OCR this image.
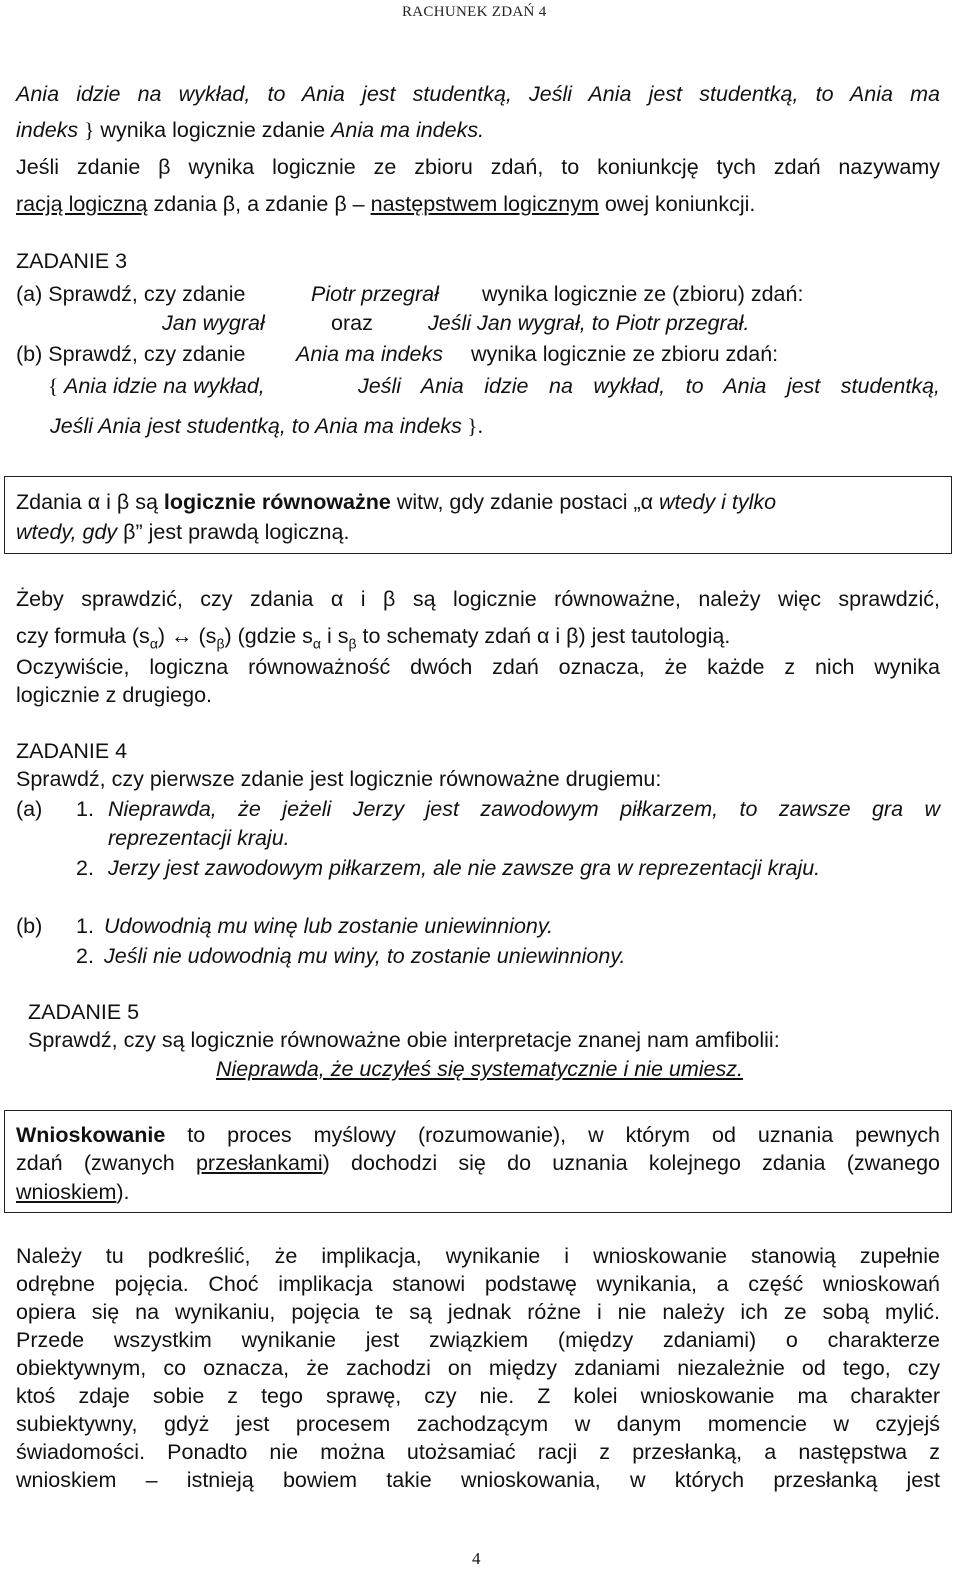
RACHUNEK ZDAŃ 4
Ania idzie na wykład, to Ania jest studentką, Jeśli Ania jest studentką, to Ania ma
indeks } wynika logicznie zdanie Ania ma indeks.
Jeśli zdanie β wynika logicznie ze zbioru zdań, to koniunkcję tych zdań nazywamy
racją logiczną zdania β, a zdanie β – następstwem logicznym owej koniunkcji.
ZADANIE 3
(a) Sprawdź, czy zdanie	Piotr przegrał wynika logicznie ze (zbioru) zdań:
Jan wygrał	oraz	Jeśli Jan wygrał, to Piotr przegrał.
(b) Sprawdź, czy zdanie Ania ma indeks wynika logicznie ze zbioru zdań:
{ Ania idzie na wykład,	Jeśli Ania idzie na wykład, to Ania jest studentką,
Jeśli Ania jest studentką, to Ania ma indeks }.
Zdania α i β są logicznie równoważne witw, gdy zdanie postaci „α wtedy i tylko
wtedy, gdy β” jest prawdą logiczną.
Żeby sprawdzić, czy zdania α i β są logicznie równoważne, należy więc sprawdzić,
czy formuła $(s_\alpha)$ ↔ $(s_\beta)$ (gdzie $s_\alpha$ i $s_\beta$ to schematy zdań α i β) jest tautologią.
Oczywiście, logiczna równoważność dwóch zdań oznacza, że każde z nich wynika
logicznie z drugiego.
ZADANIE 4
Sprawdź, czy pierwsze zdanie jest logicznie równoważne drugiemu:
(a) 1. Nieprawda, że jeżeli Jerzy jest zawodowym piłkarzem, to zawsze gra w
reprezentacji kraju.
2. Jerzy jest zawodowym piłkarzem, ale nie zawsze gra w reprezentacji kraju.
(b) 1. Udowodnią mu winę lub zostanie uniewinniony.
2. Jeśli nie udowodnią mu winy, to zostanie uniewinniony.
ZADANIE 5
Sprawdź, czy są logicznie równoważne obie interpretacje znanej nam amfibolii:
Nieprawda, że uczyłeś się systematycznie i nie umiesz.
Wnioskowanie to proces myślowy (rozumowanie), w którym od uznania pewnych
zdań (zwanych przesłankami) dochodzi się do uznania kolejnego zdania (zwanego
wnioskiem).
Należy tu podkreślić, że implikacja, wynikanie i wnioskowanie stanowią zupełnie
odrębne pojęcia. Choć implikacja stanowi podstawę wynikania, a część wnioskowań
opiera się na wynikaniu, pojęcia te są jednak różne i nie należy ich ze sobą mylić.
Przede wszystkim wynikanie jest związkiem (między zdaniami) o charakterze
obiektywnym, co oznacza, że zachodzi on między zdaniami niezależnie od tego, czy
ktoś zdaje sobie z tego sprawę, czy nie. Z kolei wnioskowanie ma charakter
subiektywny, gdyż jest procesem zachodzącym w danym momencie w czyjejś
świadomości. Ponadto nie można utożsamiać racji z przesłanką, a następstwa z
wnioskiem – istnieją bowiem takie wnioskowania, w których przesłanką jest
4
